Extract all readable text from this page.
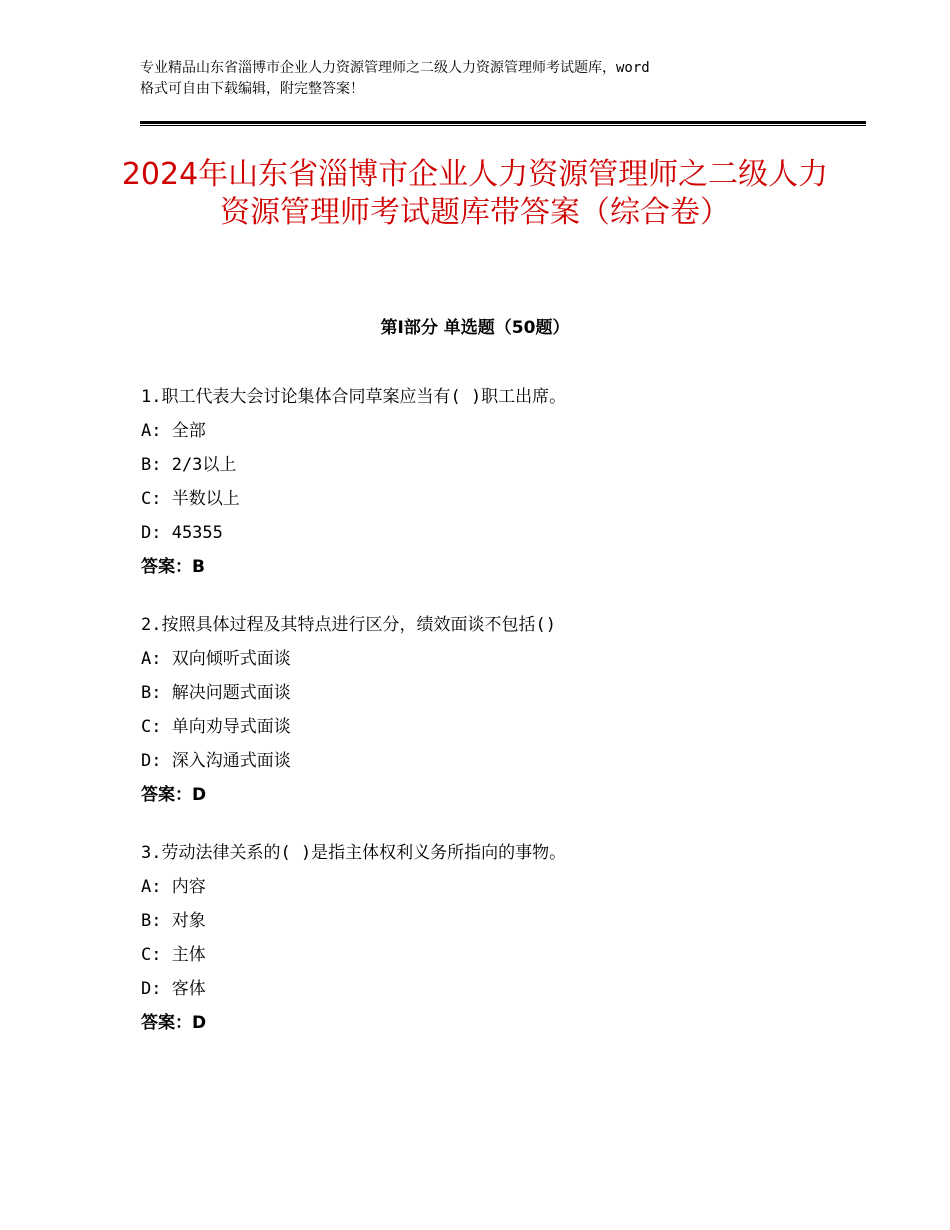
专业精品山东省淄博市企业人力资源管理师之二级人力资源管理师考试题库，word
格式可自由下载编辑，附完整答案！
2024年山东省淄博市企业人力资源管理师之二级人力资源管理师考试题库带答案（综合卷）
第Ⅰ部分 单选题（50题）
1.职工代表大会讨论集体合同草案应当有( )职工出席。
A: 全部
B: 2/3以上
C: 半数以上
D: 45355
答案：B
2.按照具体过程及其特点进行区分，绩效面谈不包括()
A: 双向倾听式面谈
B: 解决问题式面谈
C: 单向劝导式面谈
D: 深入沟通式面谈
答案：D
3.劳动法律关系的( )是指主体权利义务所指向的事物。
A: 内容
B: 对象
C: 主体
D: 客体
答案：D
